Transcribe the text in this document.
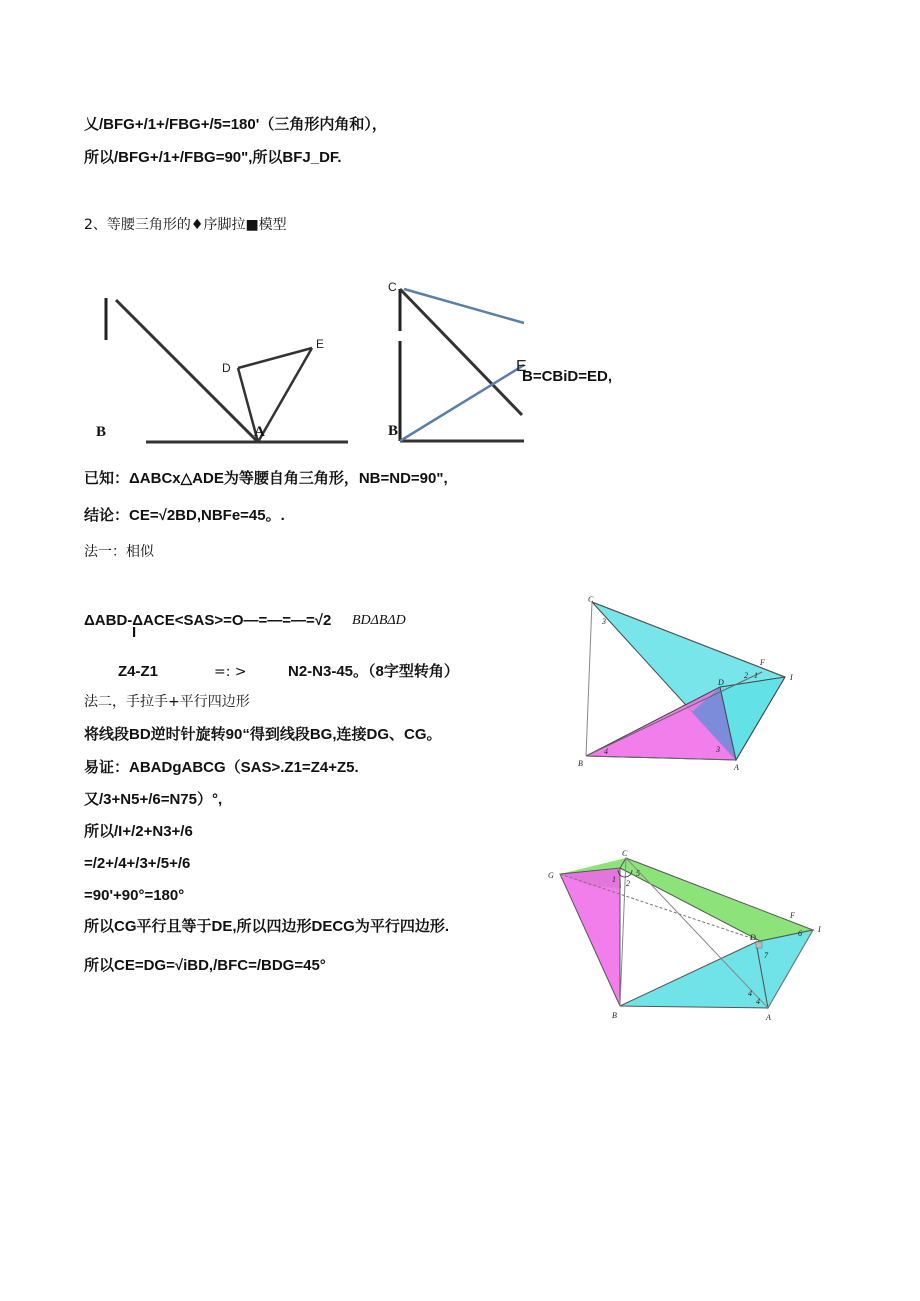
乂/BFG+/1+/FBG+/5=180'（三角形内角和），
所以/BFG+/1+/FBG=90",所以BFJ_DF.
2、等腰三角形的♦序脚拉■模型
D
E
B	A
C
E
B
B=CBiD=ED,
已知：ΔABCx△ADE为等腰自角三角形，NB=ND=90",
结论：CE=√2BD,NBFe=45。.
法一：相似
ΔABD-ΔACE<SAS>=O—=—=—=√2 BDΔBΔD
I
Z4-Z1	=: >	N2-N3-45。（8字型转角）
法二，手拉手+平行四边形
将线段BD逆时针旋转90“得到线段BG,连接DG、CG。
易证：ABADgABCG（SAS>.Z1=Z4+Z5.
又/3+N5+/6=N75）°,
所以/I+/2+N3+/6
=/2+/4+/3+/5+/6
=90'+90°=180°
所以CG平行且等于DE,所以四边形DECG为平行四边形.
所以CE=DG=√iBD,/BFC=/BDG=45°
C
F
I
D
B	A
3
2 1
4	3
G
C
F
I
D
B	A
1 2
5
6
7
4
4
